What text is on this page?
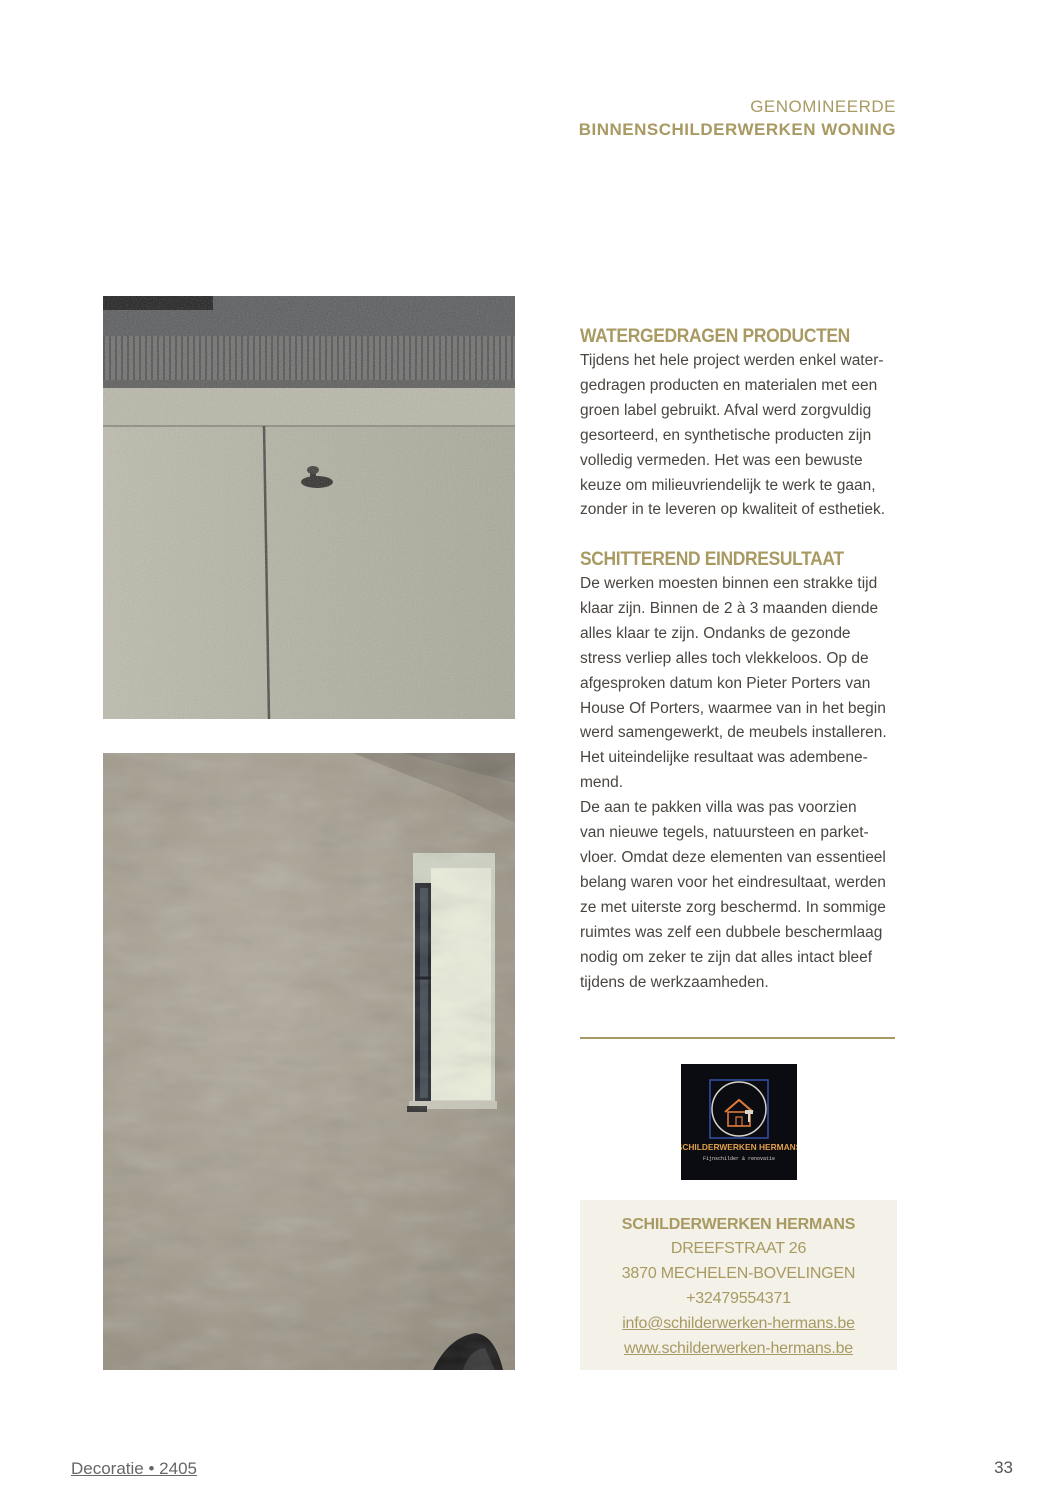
GENOMINEERDE
BINNENSCHILDERWERKEN WONING
WATERGEDRAGEN PRODUCTEN

Tijdens het hele project werden enkel water-
gedragen producten en materialen met een
groen label gebruikt. Afval werd zorgvuldig
gesorteerd, en synthetische producten zijn
volledig vermeden. Het was een bewuste
keuze om milieuvriendelijk te werk te gaan,
zonder in te leveren op kwaliteit of esthetiek.

SCHITTEREND EINDRESULTAAT

De werken moesten binnen een strakke tijd
klaar zijn. Binnen de 2 à 3 maanden diende
alles klaar te zijn. Ondanks de gezonde
stress verliep alles toch vlekkeloos. Op de
afgesproken datum kon Pieter Porters van
House Of Porters, waarmee van in het begin
werd samengewerkt, de meubels installeren.
Het uiteindelijke resultaat was adembene-
mend.
De aan te pakken villa was pas voorzien
van nieuwe tegels, natuursteen en parket-
vloer. Omdat deze elementen van essentieel
belang waren voor het eindresultaat, werden
ze met uiterste zorg beschermd. In sommige
ruimtes was zelf een dubbele beschermlaag
nodig om zeker te zijn dat alles intact bleef
tijdens de werkzaamheden.

SCHILDERWERKEN HERMANS
Fijnschilder & renovatie
SCHILDERWERKEN HERMANS
DREEFSTRAAT 26
3870 MECHELEN-BOVELINGEN
+32479554371
info@schilderwerken-hermans.be
www.schilderwerken-hermans.be
Decoratie • 2405	33
